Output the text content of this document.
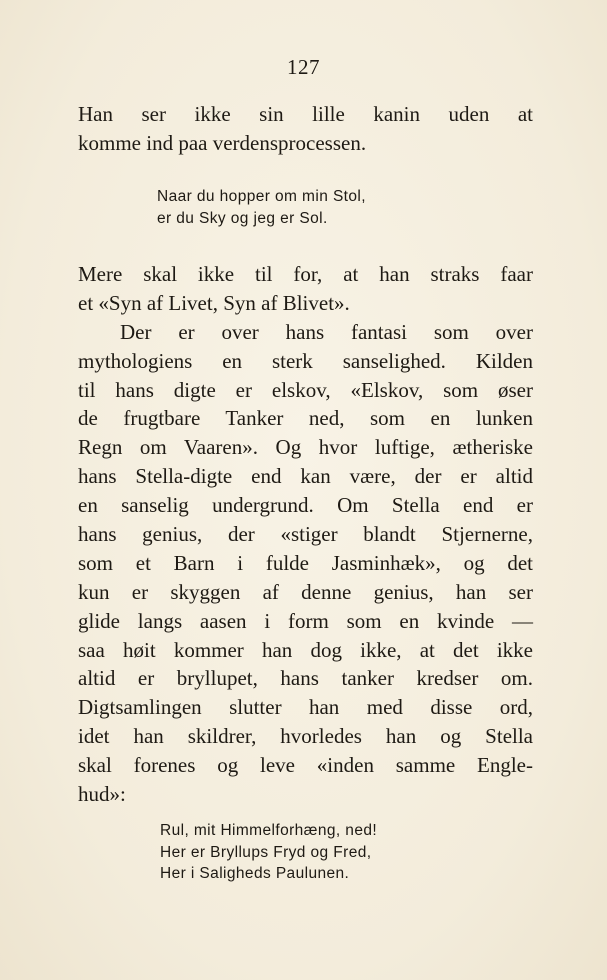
127
Han ser ikke sin lille kanin uden at
komme ind paa verdensprocessen.
Naar du hopper om min Stol,
er du Sky og jeg er Sol.
Mere skal ikke til for, at han straks faar
et «Syn af Livet, Syn af Blivet».
Der er over hans fantasi som over
mythologiens en sterk sanselighed. Kilden
til hans digte er elskov, «Elskov, som øser
de frugtbare Tanker ned, som en lunken
Regn om Vaaren». Og hvor luftige, ætheriske
hans Stella-digte end kan være, der er altid
en sanselig undergrund. Om Stella end er
hans genius, der «stiger blandt Stjernerne,
som et Barn i fulde Jasminhæk», og det
kun er skyggen af denne genius, han ser
glide langs aasen i form som en kvinde —
saa høit kommer han dog ikke, at det ikke
altid er bryllupet, hans tanker kredser om.
Digtsamlingen slutter han med disse ord,
idet han skildrer, hvorledes han og Stella
skal forenes og leve «inden samme Engle-
hud»:
Rul, mit Himmelforhæng, ned!
Her er Bryllups Fryd og Fred,
Her i Saligheds Paulunen.
